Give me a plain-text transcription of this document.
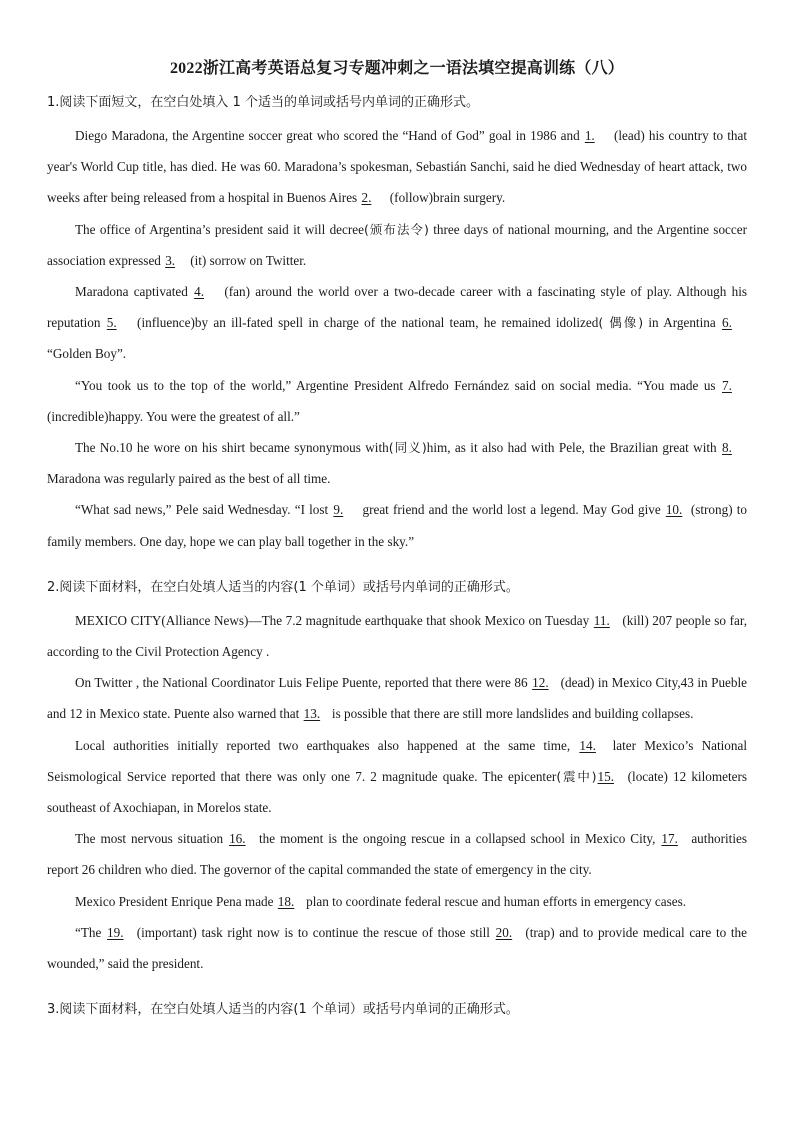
2022浙江高考英语总复习专题冲刺之一语法填空提高训练（八）

1.阅读下面短文，在空白处填入 1 个适当的单词或括号内单词的正确形式。

Diego Maradona, the Argentine soccer great who scored the “Hand of God” goal in 1986 and 1. (lead) his country to that year's World Cup title, has died. He was 60. Maradona’s spokesman, Sebastián Sanchi, said he died Wednesday of heart attack, two weeks after being released from a hospital in Buenos Aires 2. (follow)brain surgery.

The office of Argentina’s president said it will decree(颁布法令) three days of national mourning, and the Argentine soccer association expressed 3. (it) sorrow on Twitter.

Maradona captivated 4. (fan) around the world over a two-decade career with a fascinating style of play. Although his reputation 5. (influence)by an ill-fated spell in charge of the national team, he remained idolized( 偶像) in Argentina 6. “Golden Boy”.

“You took us to the top of the world,” Argentine President Alfredo Fernández said on social media. “You made us 7.(incredible)happy. You were the greatest of all.”

The No.10 he wore on his shirt became synonymous with(同义)him, as it also had with Pele, the Brazilian great with 8. Maradona was regularly paired as the best of all time.

“What sad news,” Pele said Wednesday. “I lost 9. great friend and the world lost a legend. May God give 10. (strong) to family members. One day, hope we can play ball together in the sky.”

2.阅读下面材料，在空白处填人适当的内容(1 个单词）或括号内单词的正确形式。

MEXICO CITY(Alliance News)—The 7.2 magnitude earthquake that shook Mexico on Tuesday 11. (kill) 207 people so far, according to the Civil Protection Agency .

On Twitter , the National Coordinator Luis Felipe Puente, reported that there were 86 12. (dead) in Mexico City,43 in Pueble and 12 in Mexico state. Puente also warned that 13. is possible that there are still more landslides and building collapses.

Local authorities initially reported two earthquakes also happened at the same time, 14. later Mexico’s National Seismological Service reported that there was only one 7. 2 magnitude quake. The epicenter(震中)15. (locate) 12 kilometers southeast of Axochiapan, in Morelos state.

The most nervous situation 16. the moment is the ongoing rescue in a collapsed school in Mexico City, 17. authorities report 26 children who died. The governor of the capital commanded the state of emergency in the city.

Mexico President Enrique Pena made 18. plan to coordinate federal rescue and human efforts in emergency cases.

“The 19. (important) task right now is to continue the rescue of those still 20. (trap) and to provide medical care to the wounded,” said the president.

3.阅读下面材料，在空白处填人适当的内容(1 个单词）或括号内单词的正确形式。
